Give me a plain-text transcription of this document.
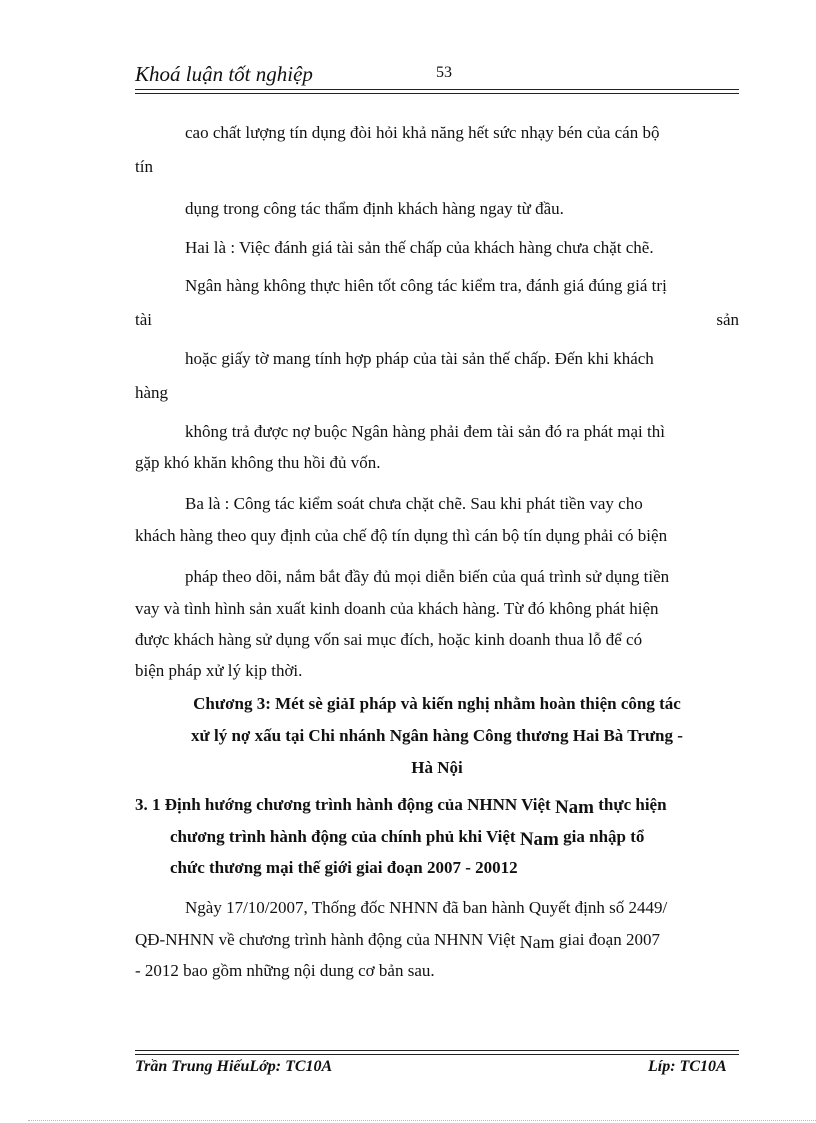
Khoá luận tốt nghiệp	53
cao chất lượng tín dụng đòi hỏi khả năng hết sức nhạy bén của cán bộ
tín
dụng trong công tác thẩm định khách hàng ngay từ đầu.
Hai là : Việc đánh giá tài sản thế chấp của khách hàng chưa chặt chẽ.
Ngân hàng không thực hiên tốt công tác kiểm tra, đánh giá đúng giá trị
tài	sản
hoặc giấy tờ mang tính hợp pháp của tài sản thế chấp. Đến khi khách
hàng
không trả được nợ buộc Ngân hàng phải đem tài sản đó ra phát mại thì
gặp khó khăn không thu hồi đủ vốn.
Ba là : Công tác kiểm soát chưa chặt chẽ. Sau khi phát tiền vay cho
khách hàng theo quy định của chế độ tín dụng thì cán bộ tín dụng phải có biện
pháp theo dõi, nắm bắt đầy đủ mọi diễn biến của quá trình sử dụng tiền
vay và tình hình sản xuất kinh doanh của khách hàng. Từ đó không phát hiện
được khách hàng sử dụng vốn sai mục đích, hoặc kinh doanh thua lỗ để có
biện pháp xử lý kịp thời.
Chương 3: Mét sè giảI pháp và kiến nghị nhằm hoàn thiện công tác
xử lý nợ xấu tại Chi nhánh Ngân hàng Công thương Hai Bà Trưng -
Hà Nội
3. 1 Định hướng chương trình hành động của NHNN Việt Nam thực hiện
chương trình hành động của chính phủ khi Việt Nam gia nhập tổ
chức thương mại thế giới giai đoạn 2007 - 20012
Ngày 17/10/2007, Thống đốc NHNN đã ban hành Quyết định số 2449/
QĐ-NHNN về chương trình hành động của NHNN Việt Nam giai đoạn 2007
- 2012 bao gồm những nội dung cơ bản sau.
Trần Trung HiếuLớp: TC10A	Líp: TC10A
